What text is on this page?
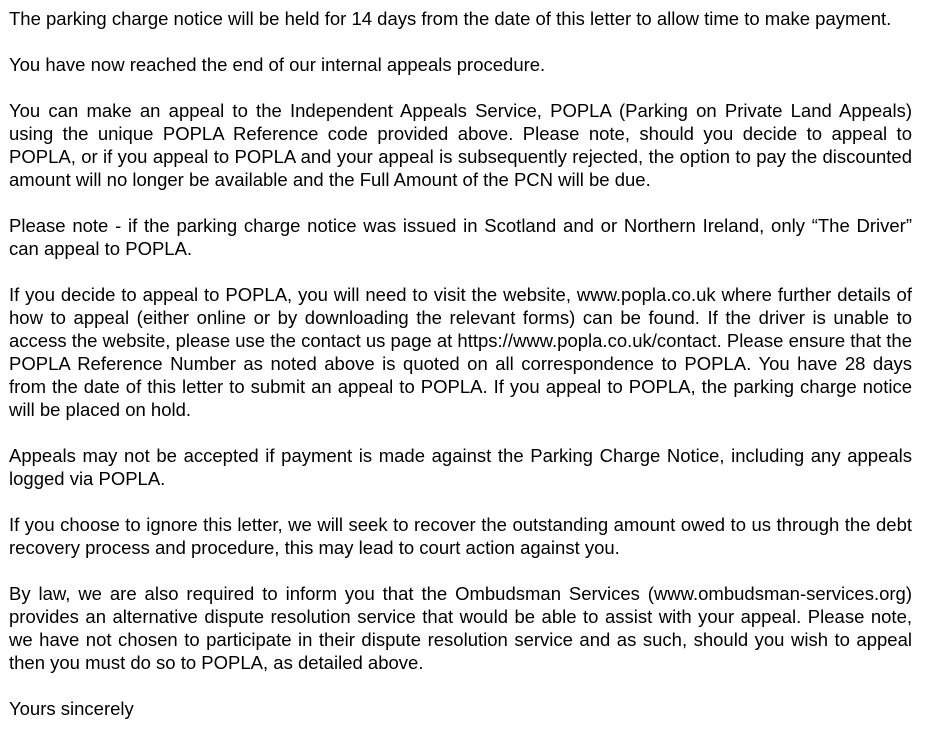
The parking charge notice will be held for 14 days from the date of this letter to allow time to make payment.

You have now reached the end of our internal appeals procedure.

You can make an appeal to the Independent Appeals Service, POPLA (Parking on Private Land Appeals) using the unique POPLA Reference code provided above. Please note, should you decide to appeal to POPLA, or if you appeal to POPLA and your appeal is subsequently rejected, the option to pay the discounted amount will no longer be available and the Full Amount of the PCN will be due.

Please note - if the parking charge notice was issued in Scotland and or Northern Ireland, only “The Driver” can appeal to POPLA.

If you decide to appeal to POPLA, you will need to visit the website, www.popla.co.uk where further details of how to appeal (either online or by downloading the relevant forms) can be found. If the driver is unable to access the website, please use the contact us page at https://www.popla.co.uk/contact. Please ensure that the POPLA Reference Number as noted above is quoted on all correspondence to POPLA. You have 28 days from the date of this letter to submit an appeal to POPLA. If you appeal to POPLA, the parking charge notice will be placed on hold.

Appeals may not be accepted if payment is made against the Parking Charge Notice, including any appeals logged via POPLA.

If you choose to ignore this letter, we will seek to recover the outstanding amount owed to us through the debt recovery process and procedure, this may lead to court action against you.

By law, we are also required to inform you that the Ombudsman Services (www.ombudsman-services.org) provides an alternative dispute resolution service that would be able to assist with your appeal. Please note, we have not chosen to participate in their dispute resolution service and as such, should you wish to appeal then you must do so to POPLA, as detailed above.

Yours sincerely
